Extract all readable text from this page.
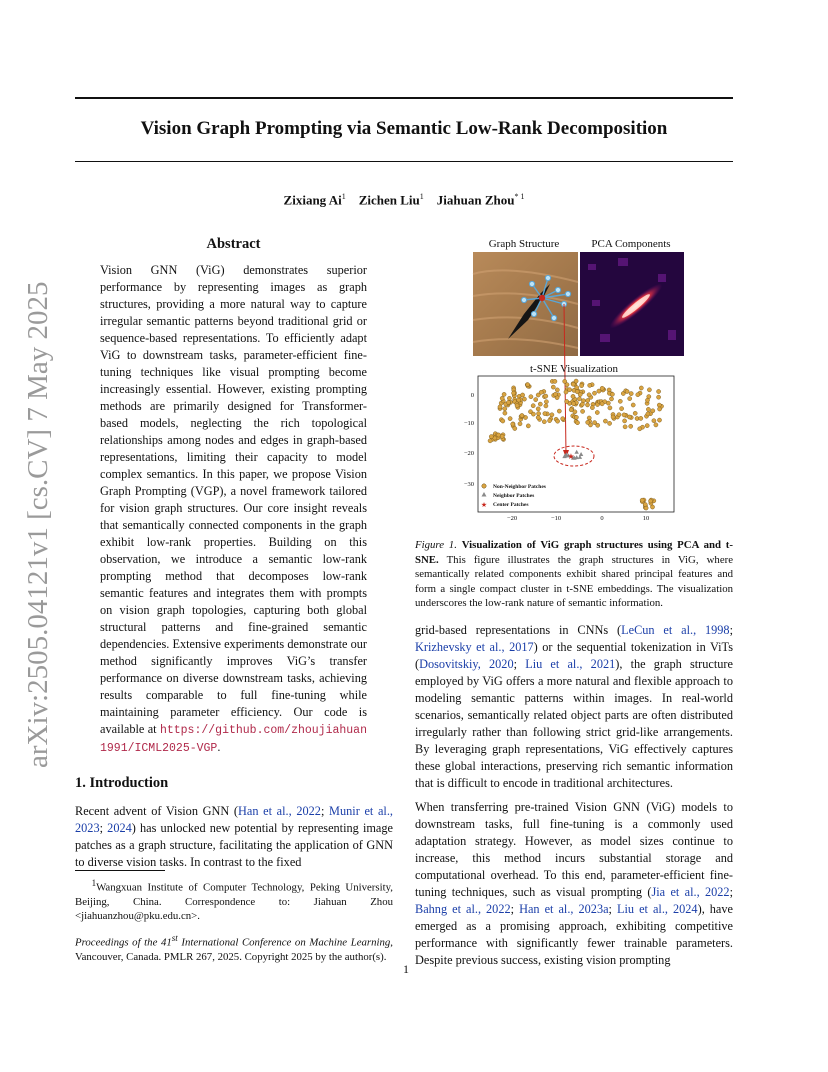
arXiv:2505.04121v1 [cs.CV] 7 May 2025
Vision Graph Prompting via Semantic Low-Rank Decomposition
Zixiang Ai$^1$ Zichen Liu$^1$ Jiahuan Zhou$^{* 1}$
Abstract
Vision GNN (ViG) demonstrates superior performance by representing images as graph structures, providing a more natural way to capture irregular semantic patterns beyond traditional grid or sequence-based representations. To efficiently adapt ViG to downstream tasks, parameter-efficient fine-tuning techniques like visual prompting become increasingly essential. However, existing prompting methods are primarily designed for Transformer-based models, neglecting the rich topological relationships among nodes and edges in graph-based representations, limiting their capacity to model complex semantics. In this paper, we propose Vision Graph Prompting (VGP), a novel framework tailored for vision graph structures. Our core insight reveals that semantically connected components in the graph exhibit low-rank properties. Building on this observation, we introduce a semantic low-rank prompting method that decomposes low-rank semantic features and integrates them with prompts on vision graph topologies, capturing both global structural patterns and fine-grained semantic dependencies. Extensive experiments demonstrate our method significantly improves ViG’s transfer performance on diverse downstream tasks, achieving results comparable to full fine-tuning while maintaining parameter efficiency. Our code is available at https://github.com/zhoujiahuan1991/ICML2025-VGP.
1. Introduction
Recent advent of Vision GNN (Han et al., 2022; Munir et al., 2023; 2024) has unlocked new potential by representing image patches as a graph structure, facilitating the application of GNN to diverse vision tasks. In contrast to the fixed
$^1$Wangxuan Institute of Computer Technology, Peking University, Beijing, China. Correspondence to: Jiahuan Zhou <jiahuanzhou@pku.edu.cn>.
Proceedings of the 41st International Conference on Machine Learning, Vancouver, Canada. PMLR 267, 2025. Copyright 2025 by the author(s).
1
Graph Structure	PCA Components
t-SNE Visualization
0
−10
−20
−30
−20	−10	0	10
★
Non-Neighbor Patches
Neighbor Patches
★ Center Patches
Figure 1. Visualization of ViG graph structures using PCA and t-SNE. This figure illustrates the graph structures in ViG, where semantically related components exhibit shared principal features and form a single compact cluster in t-SNE embeddings. The visualization underscores the low-rank nature of semantic information.

grid-based representations in CNNs (LeCun et al., 1998; Krizhevsky et al., 2017) or the sequential tokenization in ViTs (Dosovitskiy, 2020; Liu et al., 2021), the graph structure employed by ViG offers a more natural and flexible approach to modeling semantic patterns within images. In real-world scenarios, semantically related object parts are often distributed irregularly rather than following strict grid-like arrangements. By leveraging graph representations, ViG effectively captures these global interactions, preserving rich semantic information that is difficult to encode in traditional architectures.

When transferring pre-trained Vision GNN (ViG) models to downstream tasks, full fine-tuning is a commonly used adaptation strategy. However, as model sizes continue to increase, this method incurs substantial storage and computational overhead. To this end, parameter-efficient fine-tuning techniques, such as visual prompting (Jia et al., 2022; Bahng et al., 2022; Han et al., 2023a; Liu et al., 2024), have emerged as a promising approach, exhibiting competitive performance with significantly fewer trainable parameters. Despite previous success, existing vision prompting
